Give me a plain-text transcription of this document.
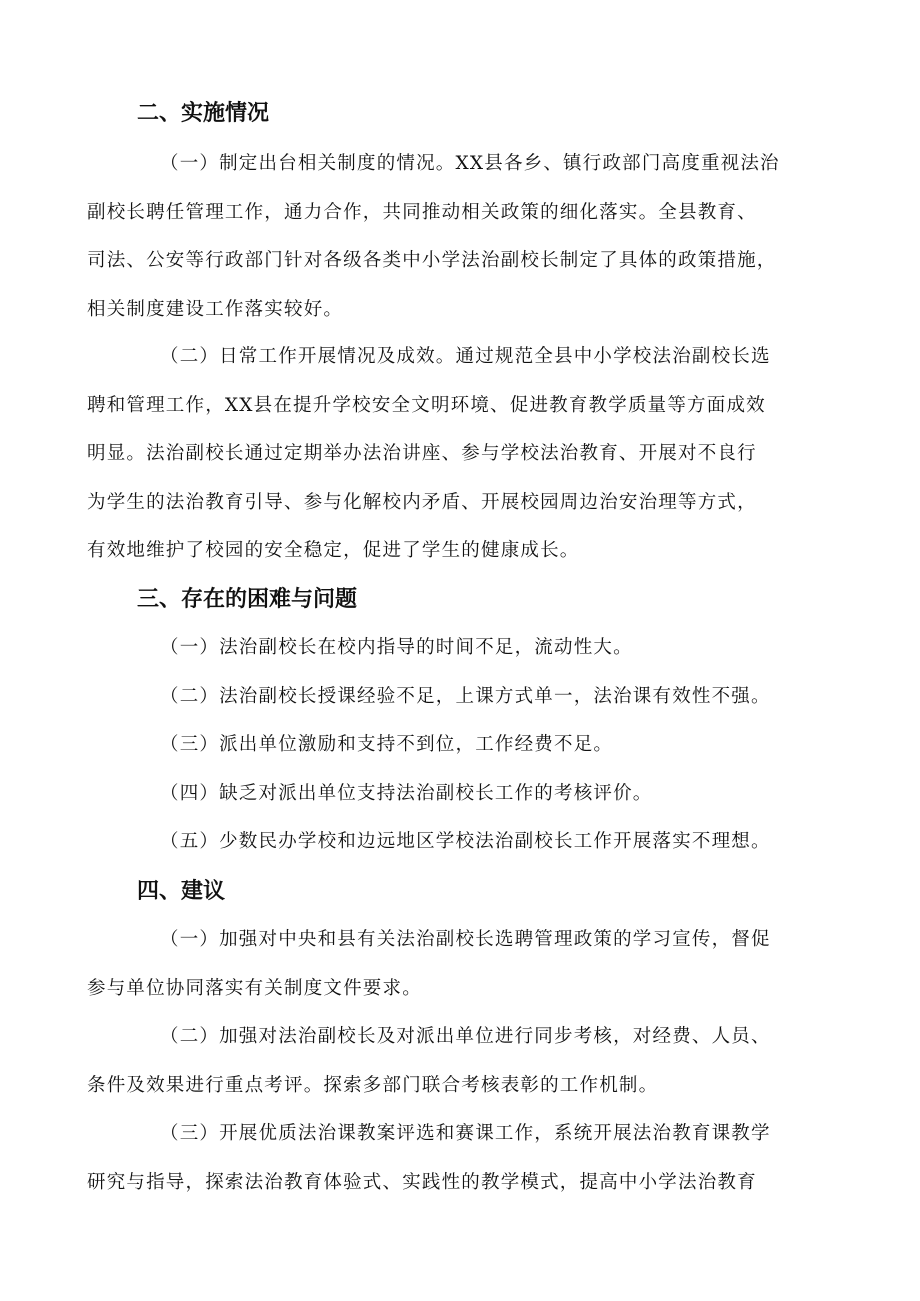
二、实施情况

（一）制定出台相关制度的情况。XX县各乡、镇行政部门高度重视法治
副校长聘任管理工作，通力合作，共同推动相关政策的细化落实。全县教育、
司法、公安等行政部门针对各级各类中小学法治副校长制定了具体的政策措施，
相关制度建设工作落实较好。

（二）日常工作开展情况及成效。通过规范全县中小学校法治副校长选
聘和管理工作，XX县在提升学校安全文明环境、促进教育教学质量等方面成效
明显。法治副校长通过定期举办法治讲座、参与学校法治教育、开展对不良行
为学生的法治教育引导、参与化解校内矛盾、开展校园周边治安治理等方式，
有效地维护了校园的安全稳定，促进了学生的健康成长。

三、存在的困难与问题

（一）法治副校长在校内指导的时间不足，流动性大。

（二）法治副校长授课经验不足，上课方式单一，法治课有效性不强。

（三）派出单位激励和支持不到位，工作经费不足。

（四）缺乏对派出单位支持法治副校长工作的考核评价。

（五）少数民办学校和边远地区学校法治副校长工作开展落实不理想。

四、建议

（一）加强对中央和县有关法治副校长选聘管理政策的学习宣传，督促
参与单位协同落实有关制度文件要求。

（二）加强对法治副校长及对派出单位进行同步考核，对经费、人员、
条件及效果进行重点考评。探索多部门联合考核表彰的工作机制。

（三）开展优质法治课教案评选和赛课工作，系统开展法治教育课教学
研究与指导，探索法治教育体验式、实践性的教学模式，提高中小学法治教育
